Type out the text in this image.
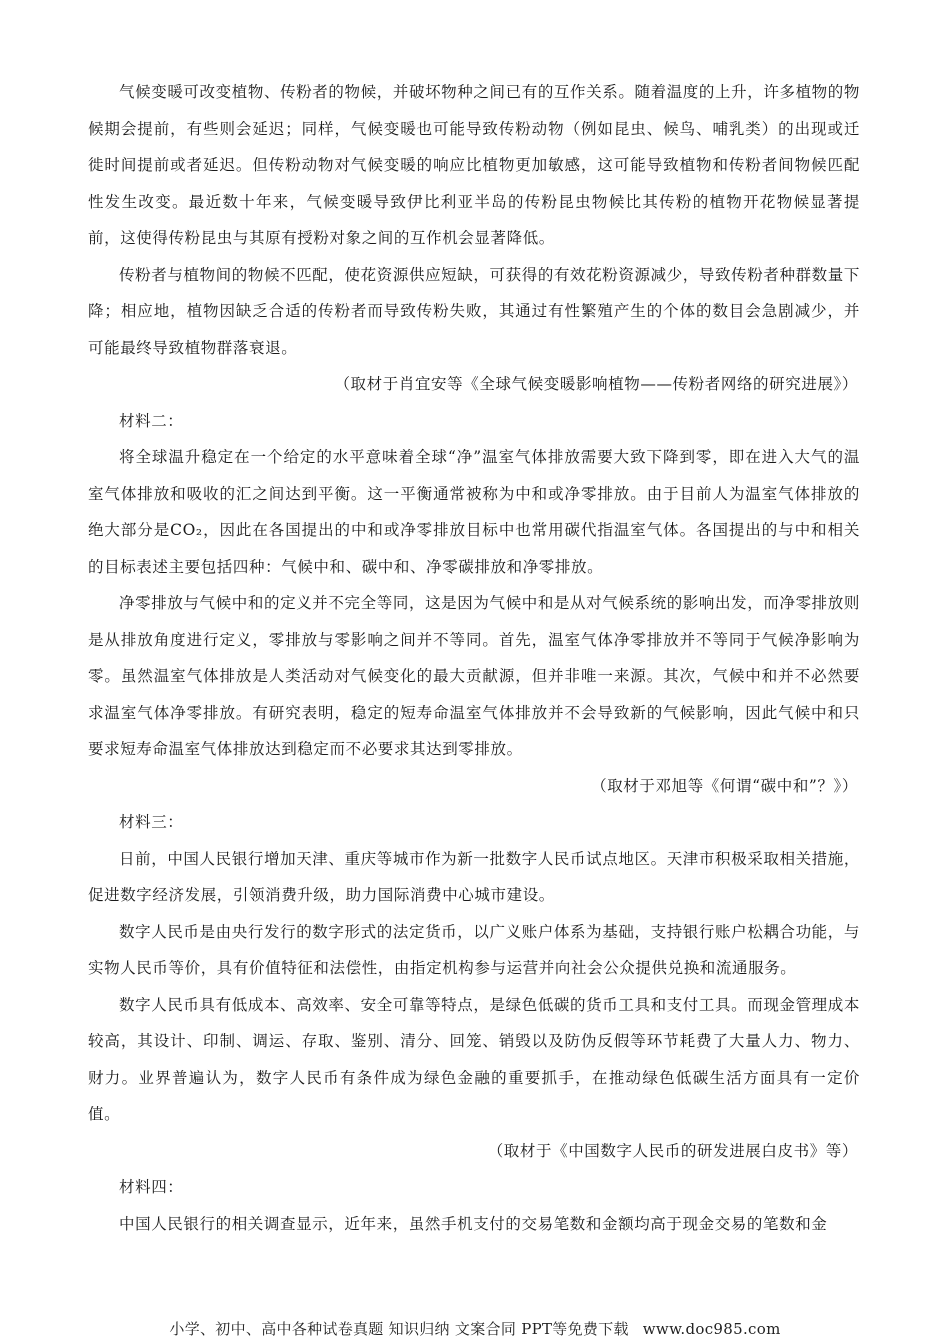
气候变暖可改变植物、传粉者的物候，并破坏物种之间已有的互作关系。随着温度的上升，许多植物的物候期会提前，有些则会延迟；同样，气候变暖也可能导致传粉动物（例如昆虫、候鸟、哺乳类）的出现或迁徙时间提前或者延迟。但传粉动物对气候变暖的响应比植物更加敏感，这可能导致植物和传粉者间物候匹配性发生改变。最近数十年来，气候变暖导致伊比利亚半岛的传粉昆虫物候比其传粉的植物开花物候显著提前，这使得传粉昆虫与其原有授粉对象之间的互作机会显著降低。

传粉者与植物间的物候不匹配，使花资源供应短缺，可获得的有效花粉资源减少，导致传粉者种群数量下降；相应地，植物因缺乏合适的传粉者而导致传粉失败，其通过有性繁殖产生的个体的数目会急剧减少，并可能最终导致植物群落衰退。

（取材于肖宜安等《全球气候变暖影响植物——传粉者网络的研究进展》）

材料二：

将全球温升稳定在一个给定的水平意味着全球“净”温室气体排放需要大致下降到零，即在进入大气的温室气体排放和吸收的汇之间达到平衡。这一平衡通常被称为中和或净零排放。由于目前人为温室气体排放的绝大部分是CO₂，因此在各国提出的中和或净零排放目标中也常用碳代指温室气体。各国提出的与中和相关的目标表述主要包括四种：气候中和、碳中和、净零碳排放和净零排放。

净零排放与气候中和的定义并不完全等同，这是因为气候中和是从对气候系统的影响出发，而净零排放则是从排放角度进行定义，零排放与零影响之间并不等同。首先，温室气体净零排放并不等同于气候净影响为零。虽然温室气体排放是人类活动对气候变化的最大贡献源，但并非唯一来源。其次，气候中和并不必然要求温室气体净零排放。有研究表明，稳定的短寿命温室气体排放并不会导致新的气候影响，因此气候中和只要求短寿命温室气体排放达到稳定而不必要求其达到零排放。

（取材于邓旭等《何谓“碳中和”？》）

材料三：

日前，中国人民银行增加天津、重庆等城市作为新一批数字人民币试点地区。天津市积极采取相关措施，促进数字经济发展，引领消费升级，助力国际消费中心城市建设。

数字人民币是由央行发行的数字形式的法定货币，以广义账户体系为基础，支持银行账户松耦合功能，与实物人民币等价，具有价值特征和法偿性，由指定机构参与运营并向社会公众提供兑换和流通服务。

数字人民币具有低成本、高效率、安全可靠等特点，是绿色低碳的货币工具和支付工具。而现金管理成本较高，其设计、印制、调运、存取、鉴别、清分、回笼、销毁以及防伪反假等环节耗费了大量人力、物力、财力。业界普遍认为，数字人民币有条件成为绿色金融的重要抓手，在推动绿色低碳生活方面具有一定价值。

（取材于《中国数字人民币的研发进展白皮书》等）

材料四：

中国人民银行的相关调查显示，近年来，虽然手机支付的交易笔数和金额均高于现金交易的笔数和金

小学、初中、高中各种试卷真题 知识归纳 文案合同 PPT等免费下载 www.doc985.com
